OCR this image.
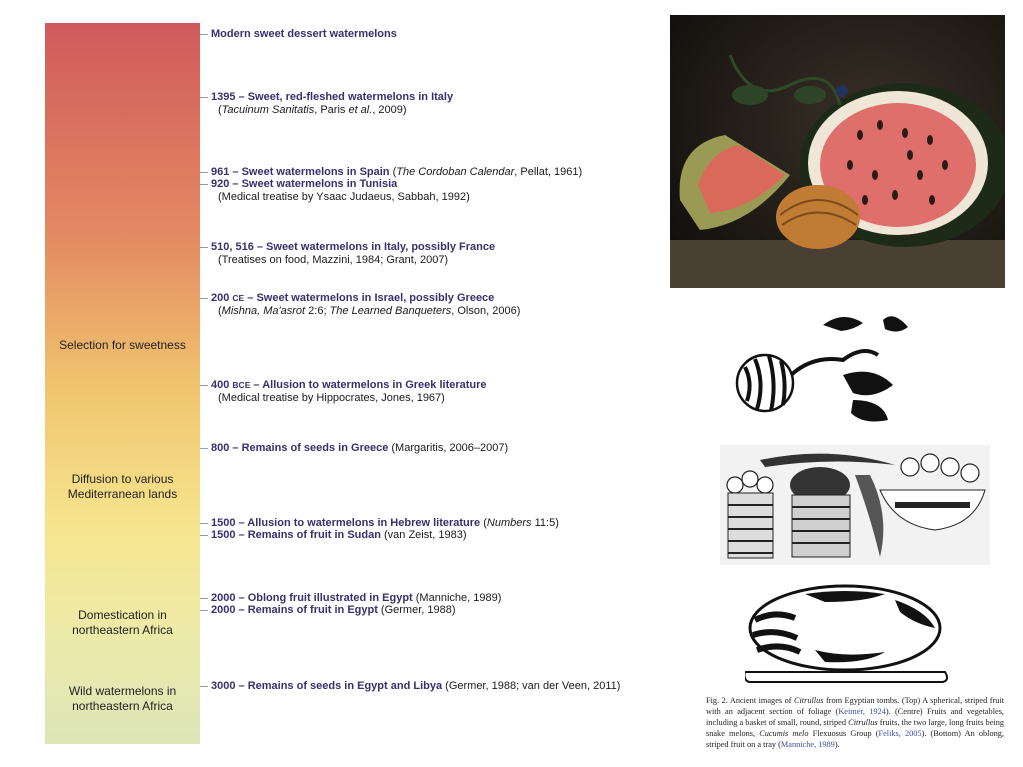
Selection for sweetness
Diffusion to various Mediterranean lands
Domestication in northeastern Africa
Wild watermelons in northeastern Africa
Modern sweet dessert watermelons
1395 – Sweet, red-fleshed watermelons in Italy
(Tacuinum Sanitatis, Paris et al., 2009)
961 – Sweet watermelons in Spain (The Cordoban Calendar, Pellat, 1961)
920 – Sweet watermelons in Tunisia
(Medical treatise by Ysaac Judaeus, Sabbah, 1992)
510, 516 – Sweet watermelons in Italy, possibly France
(Treatises on food, Mazzini, 1984; Grant, 2007)
200 CE – Sweet watermelons in Israel, possibly Greece
(Mishna, Ma'asrot 2:6; The Learned Banqueters, Olson, 2006)
400 BCE – Allusion to watermelons in Greek literature
(Medical treatise by Hippocrates, Jones, 1967)
800 – Remains of seeds in Greece (Margaritis, 2006–2007)
1500 – Allusion to watermelons in Hebrew literature (Numbers 11:5)
1500 – Remains of fruit in Sudan (van Zeist, 1983)
2000 – Oblong fruit illustrated in Egypt (Manniche, 1989)
2000 – Remains of fruit in Egypt (Germer, 1988)
3000 – Remains of seeds in Egypt and Libya (Germer, 1988; van der Veen, 2011)
Fig. 2. Ancient images of Citrullus from Egyptian tombs. (Top) A spherical, striped fruit with an adjacent section of foliage (Keimer, 1924). (Centre) Fruits and vegetables, including a basket of small, round, striped Citrullus fruits, the two large, long fruits being snake melons, Cucumis melo Flexuosus Group (Feliks, 2005). (Bottom) An oblong, striped fruit on a tray (Manniche, 1989).
